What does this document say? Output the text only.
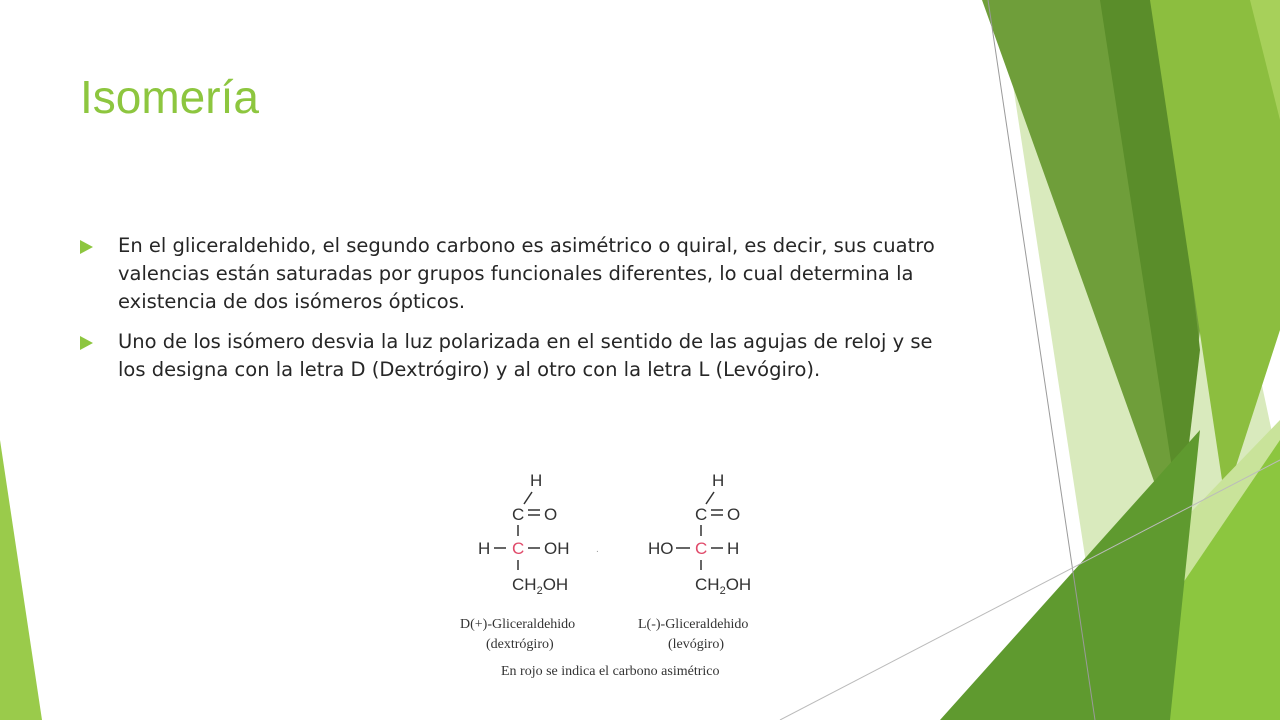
Isomería
En el gliceraldehido, el segundo carbono es asimétrico o quiral, es decir, sus cuatro valencias están saturadas por grupos funcionales diferentes, lo cual determina la existencia de dos isómeros ópticos.
Uno de los isómero desvia la luz polarizada en el sentido de las agujas de reloj y se los designa con la letra D (Dextrógiro) y al otro con la letra L (Levógiro).
H
C O
H C OH
$CH_2OH$
.
H
C O
HO C H
$CH_2OH$
D(+)-Gliceraldehido
(dextrógiro)
L(-)-Gliceraldehido
(levógiro)
En rojo se indica el carbono asimétrico
